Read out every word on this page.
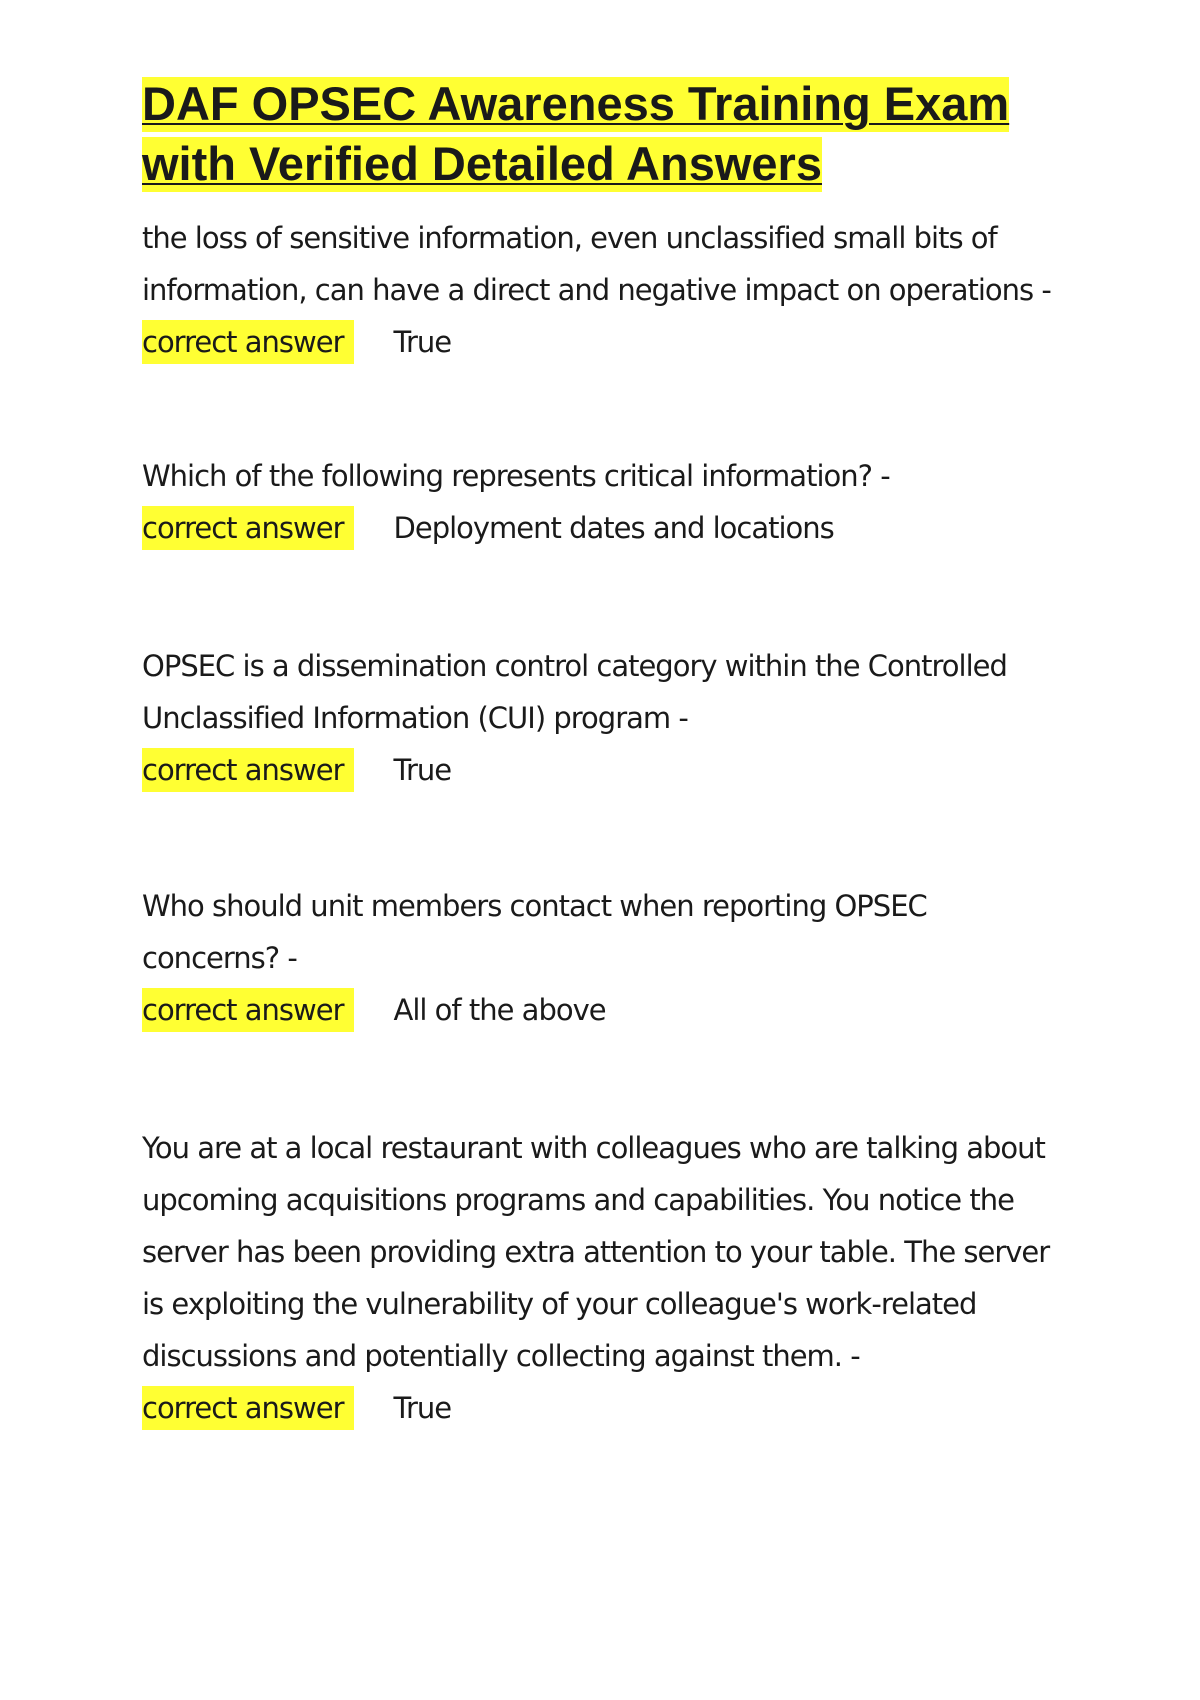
DAF OPSEC Awareness Training Exam with Verified Detailed Answers

the loss of sensitive information, even unclassified small bits of information, can have a direct and negative impact on operations -

correct answer True

Which of the following represents critical information? -

correct answer Deployment dates and locations

OPSEC is a dissemination control category within the Controlled Unclassified Information (CUI) program -

correct answer True

Who should unit members contact when reporting OPSEC concerns? -

correct answer All of the above

You are at a local restaurant with colleagues who are talking about upcoming acquisitions programs and capabilities. You notice the server has been providing extra attention to your table. The server is exploiting the vulnerability of your colleague's work-related discussions and potentially collecting against them. -

correct answer True
